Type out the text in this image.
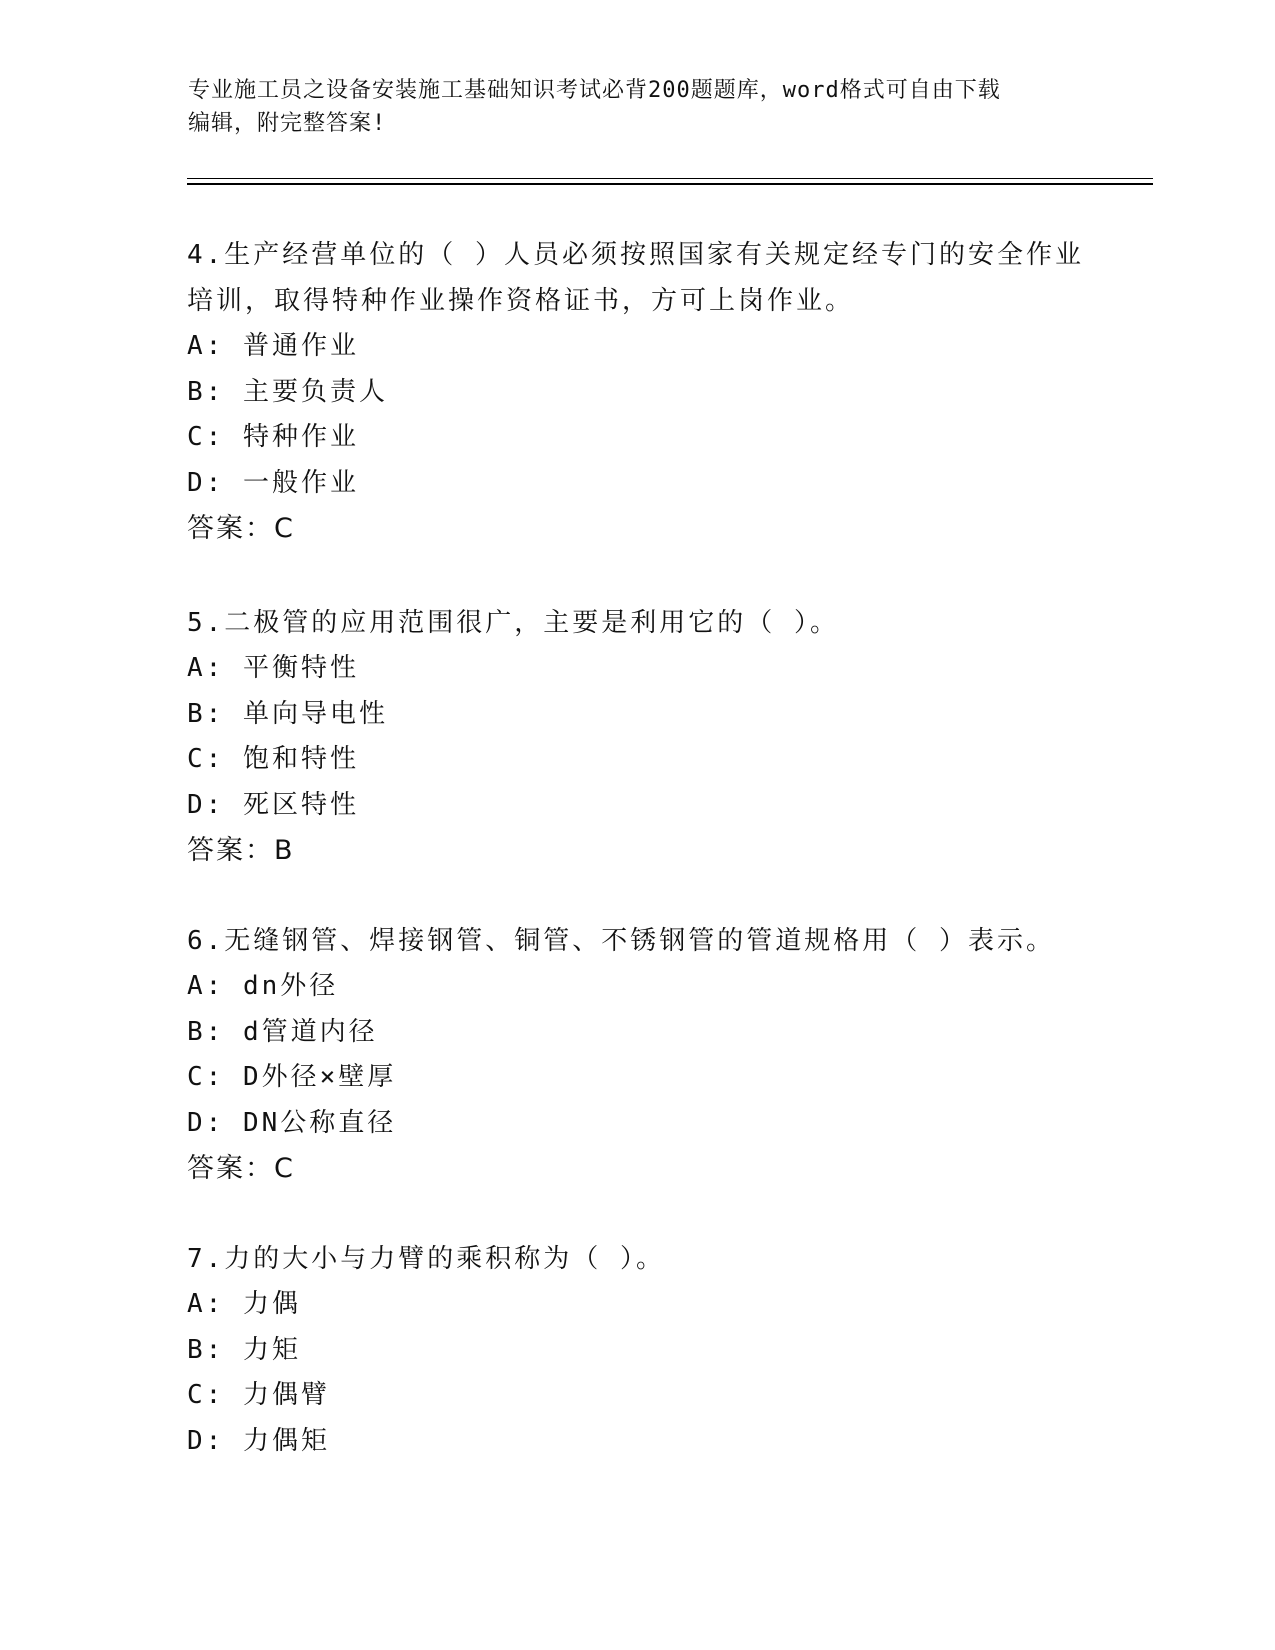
专业施工员之设备安装施工基础知识考试必背200题题库，word格式可自由下载
编辑，附完整答案!

4.生产经营单位的（ ）人员必须按照国家有关规定经专门的安全作业

培训，取得特种作业操作资格证书，方可上岗作业。

A: 普通作业

B: 主要负责人

C: 特种作业

D: 一般作业

答案：C

5.二极管的应用范围很广，主要是利用它的（ ）。

A: 平衡特性

B: 单向导电性

C: 饱和特性

D: 死区特性

答案：B

6.无缝钢管、焊接钢管、铜管、不锈钢管的管道规格用（ ）表示。

A: dn外径

B: d管道内径

C: D外径×壁厚

D: DN公称直径

答案：C

7.力的大小与力臂的乘积称为（ ）。

A: 力偶

B: 力矩

C: 力偶臂

D: 力偶矩
